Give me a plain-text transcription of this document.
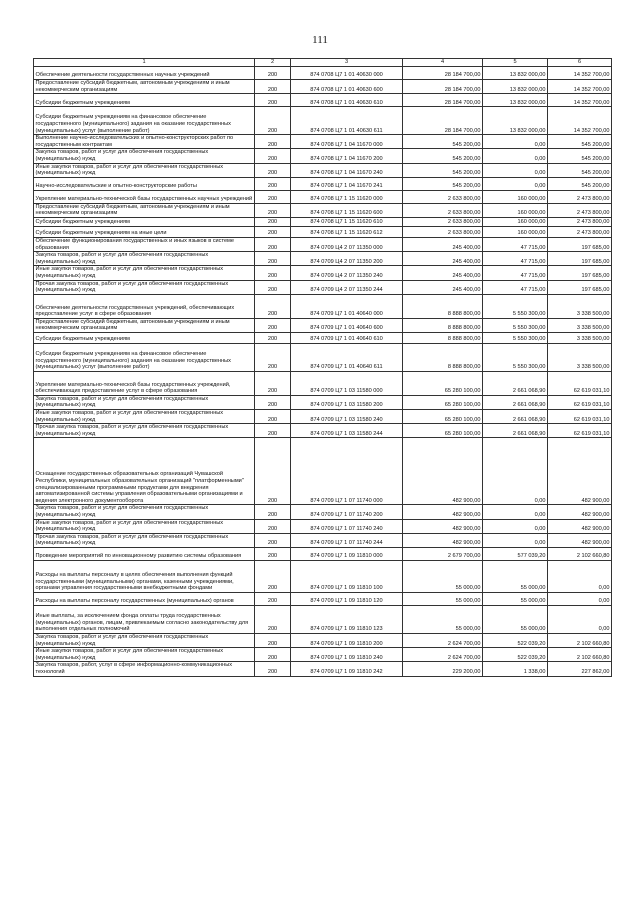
111
1	2	3	4	5	6
Обеспечение деятельности государственных научных учреждений	200	874 0708 Ц7 1 01 40630 000	28 184 700,00	13 832 000,00	14 352 700,00
Предоставление субсидий бюджетным, автономным учреждениям и иным некоммерческим организациям	200	874 0708 Ц7 1 01 40630 600	28 184 700,00	13 832 000,00	14 352 700,00
Субсидии бюджетным учреждениям	200	874 0708 Ц7 1 01 40630 610	28 184 700,00	13 832 000,00	14 352 700,00
Субсидии бюджетным учреждениям на финансовое обеспечение государственного (муниципального) задания на оказание государственных (муниципальных) услуг (выполнение работ)	200	874 0708 Ц7 1 01 40630 611	28 184 700,00	13 832 000,00	14 352 700,00
Выполнение научно-исследовательских и опытно-конструкторских работ по государственным контрактам	200	874 0708 Ц7 1 04 11670 000	545 200,00	0,00	545 200,00
Закупка товаров, работ и услуг для обеспечения государственных (муниципальных) нужд	200	874 0708 Ц7 1 04 11670 200	545 200,00	0,00	545 200,00
Иные закупки товаров, работ и услуг для обеспечения государственных (муниципальных) нужд	200	874 0708 Ц7 1 04 11670 240	545 200,00	0,00	545 200,00
Научно-исследовательские и опытно-конструкторские работы	200	874 0708 Ц7 1 04 11670 241	545 200,00	0,00	545 200,00
Укрепление материально-технической базы государственных научных учреждений	200	874 0708 Ц7 1 15 11620 000	2 633 800,00	160 000,00	2 473 800,00
Предоставление субсидий бюджетным, автономным учреждениям и иным некоммерческим организациям	200	874 0708 Ц7 1 15 11620 600	2 633 800,00	160 000,00	2 473 800,00
Субсидии бюджетным учреждениям	200	874 0708 Ц7 1 15 11620 610	2 633 800,00	160 000,00	2 473 800,00
Субсидии бюджетным учреждениям на иные цели	200	874 0708 Ц7 1 15 11620 612	2 633 800,00	160 000,00	2 473 800,00
Обеспечение функционирования государственных и иных языков в системе образования	200	874 0709 Ц4 2 07 11350 000	245 400,00	47 715,00	197 685,00
Закупка товаров, работ и услуг для обеспечения государственных (муниципальных) нужд	200	874 0709 Ц4 2 07 11350 200	245 400,00	47 715,00	197 685,00
Иные закупки товаров, работ и услуг для обеспечения государственных (муниципальных) нужд	200	874 0709 Ц4 2 07 11350 240	245 400,00	47 715,00	197 685,00
Прочая закупка товаров, работ и услуг для обеспечения государственных (муниципальных) нужд	200	874 0709 Ц4 2 07 11350 244	245 400,00	47 715,00	197 685,00
Обеспечение деятельности государственных учреждений, обеспечивающих предоставление услуг в сфере образования	200	874 0709 Ц7 1 01 40640 000	8 888 800,00	5 550 300,00	3 338 500,00
Предоставление субсидий бюджетным, автономным учреждениям и иным некоммерческим организациям	200	874 0709 Ц7 1 01 40640 600	8 888 800,00	5 550 300,00	3 338 500,00
Субсидии бюджетным учреждениям	200	874 0709 Ц7 1 01 40640 610	8 888 800,00	5 550 300,00	3 338 500,00
Субсидии бюджетным учреждениям на финансовое обеспечение государственного (муниципального) задания на оказание государственных (муниципальных) услуг (выполнение работ)	200	874 0709 Ц7 1 01 40640 611	8 888 800,00	5 550 300,00	3 338 500,00
Укрепление материально-технической базы государственных учреждений, обеспечивающих предоставление услуг в сфере образования	200	874 0709 Ц7 1 03 11580 000	65 280 100,00	2 661 068,90	62 619 031,10
Закупка товаров, работ и услуг для обеспечения государственных (муниципальных) нужд	200	874 0709 Ц7 1 03 11580 200	65 280 100,00	2 661 068,90	62 619 031,10
Иные закупки товаров, работ и услуг для обеспечения государственных (муниципальных) нужд	200	874 0709 Ц7 1 03 11580 240	65 280 100,00	2 661 068,90	62 619 031,10
Прочая закупка товаров, работ и услуг для обеспечения государственных (муниципальных) нужд	200	874 0709 Ц7 1 03 11580 244	65 280 100,00	2 661 068,90	62 619 031,10
Оснащение государственных образовательных организаций Чувашской Республики, муниципальных образовательных организаций "платформенными" специализированными программными продуктами для внедрения автоматизированной системы управления образовательными организациями и ведения электронного документооборота	200	874 0709 Ц7 1 07 11740 000	482 900,00	0,00	482 900,00
Закупка товаров, работ и услуг для обеспечения государственных (муниципальных) нужд	200	874 0709 Ц7 1 07 11740 200	482 900,00	0,00	482 900,00
Иные закупки товаров, работ и услуг для обеспечения государственных (муниципальных) нужд	200	874 0709 Ц7 1 07 11740 240	482 900,00	0,00	482 900,00
Прочая закупка товаров, работ и услуг для обеспечения государственных (муниципальных) нужд	200	874 0709 Ц7 1 07 11740 244	482 900,00	0,00	482 900,00
Проведение мероприятий по инновационному развитию системы образования	200	874 0709 Ц7 1 09 11810 000	2 679 700,00	577 039,20	2 102 660,80
Расходы на выплаты персоналу в целях обеспечения выполнения функций государственными (муниципальными) органами, казенными учреждениями, органами управления государственными внебюджетными фондами	200	874 0709 Ц7 1 09 11810 100	55 000,00	55 000,00	0,00
Расходы на выплаты персоналу государственных (муниципальных) органов	200	874 0709 Ц7 1 09 11810 120	55 000,00	55 000,00	0,00
Иные выплаты, за исключением фонда оплаты труда государственных (муниципальных) органов, лицам, привлекаемым согласно законодательству для выполнения отдельных полномочий	200	874 0709 Ц7 1 09 11810 123	55 000,00	55 000,00	0,00
Закупка товаров, работ и услуг для обеспечения государственных (муниципальных) нужд	200	874 0709 Ц7 1 09 11810 200	2 624 700,00	522 039,20	2 102 660,80
Иные закупки товаров, работ и услуг для обеспечения государственных (муниципальных) нужд	200	874 0709 Ц7 1 09 11810 240	2 624 700,00	522 039,20	2 102 660,80
Закупка товаров, работ, услуг в сфере информационно-коммуникационных технологий	200	874 0709 Ц7 1 09 11810 242	229 200,00	1 338,00	227 862,00
